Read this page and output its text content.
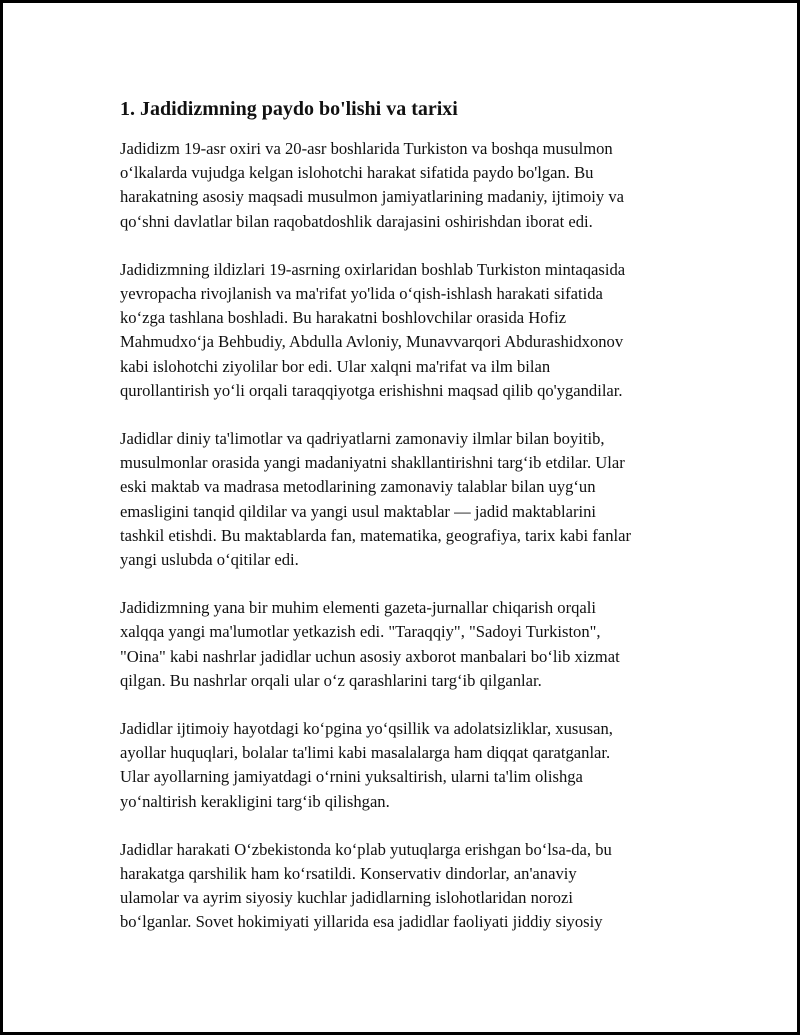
1. Jadidizmning paydo bo'lishi va tarixi
Jadidizm 19-asr oxiri va 20-asr boshlarida Turkiston va boshqa musulmon
oʻlkalarda vujudga kelgan islohotchi harakat sifatida paydo bo'lgan. Bu
harakatning asosiy maqsadi musulmon jamiyatlarining madaniy, ijtimoiy va
qoʻshni davlatlar bilan raqobatdoshlik darajasini oshirishdan iborat edi.
Jadidizmning ildizlari 19-asrning oxirlaridan boshlab Turkiston mintaqasida
yevropacha rivojlanish va ma'rifat yo'lida oʻqish-ishlash harakati sifatida
koʻzga tashlana boshladi. Bu harakatni boshlovchilar orasida Hofiz
Mahmudxoʻja Behbudiy, Abdulla Avloniy, Munavvarqori Abdurashidxonov
kabi islohotchi ziyolilar bor edi. Ular xalqni ma'rifat va ilm bilan
qurollantirish yoʻli orqali taraqqiyotga erishishni maqsad qilib qo'ygandilar.
Jadidlar diniy ta'limotlar va qadriyatlarni zamonaviy ilmlar bilan boyitib,
musulmonlar orasida yangi madaniyatni shakllantirishni targʻib etdilar. Ular
eski maktab va madrasa metodlarining zamonaviy talablar bilan uygʻun
emasligini tanqid qildilar va yangi usul maktablar — jadid maktablarini
tashkil etishdi. Bu maktablarda fan, matematika, geografiya, tarix kabi fanlar
yangi uslubda oʻqitilar edi.
Jadidizmning yana bir muhim elementi gazeta-jurnallar chiqarish orqali
xalqqa yangi ma'lumotlar yetkazish edi. "Taraqqiy", "Sadoyi Turkiston",
"Oina" kabi nashrlar jadidlar uchun asosiy axborot manbalari boʻlib xizmat
qilgan. Bu nashrlar orqali ular oʻz qarashlarini targʻib qilganlar.
Jadidlar ijtimoiy hayotdagi koʻpgina yoʻqsillik va adolatsizliklar, xususan,
ayollar huquqlari, bolalar ta'limi kabi masalalarga ham diqqat qaratganlar.
Ular ayollarning jamiyatdagi oʻrnini yuksaltirish, ularni ta'lim olishga
yoʻnaltirish kerakligini targʻib qilishgan.
Jadidlar harakati Oʻzbekistonda koʻplab yutuqlarga erishgan boʻlsa-da, bu
harakatga qarshilik ham koʻrsatildi. Konservativ dindorlar, an'anaviy
ulamolar va ayrim siyosiy kuchlar jadidlarning islohotlaridan norozi
boʻlganlar. Sovet hokimiyati yillarida esa jadidlar faoliyati jiddiy siyosiy
